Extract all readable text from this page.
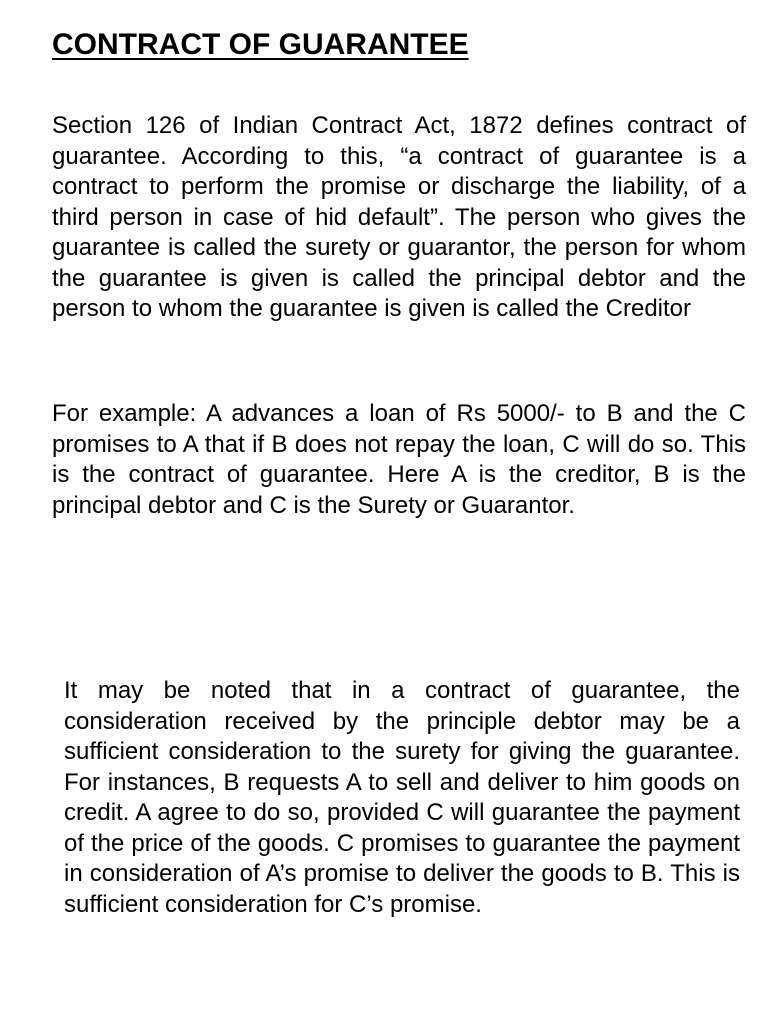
CONTRACT OF GUARANTEE

Section 126 of Indian Contract Act, 1872 defines contract of guarantee. According to this, “a contract of guarantee is a contract to perform the promise or discharge the liability, of a third person in case of hid default”. The person who gives the guarantee is called the surety or guarantor, the person for whom the guarantee is given is called the principal debtor and the person to whom the guarantee is given is called the Creditor

For example: A advances a loan of Rs 5000/- to B and the C promises to A that if B does not repay the loan, C will do so. This is the contract of guarantee. Here A is the creditor, B is the principal debtor and C is the Surety or Guarantor.

It may be noted that in a contract of guarantee, the consideration received by the principle debtor may be a sufficient consideration to the surety for giving the guarantee. For instances, B requests A to sell and deliver to him goods on credit. A agree to do so, provided C will guarantee the payment of the price of the goods. C promises to guarantee the payment in consideration of A’s promise to deliver the goods to B. This is sufficient consideration for C’s promise.
